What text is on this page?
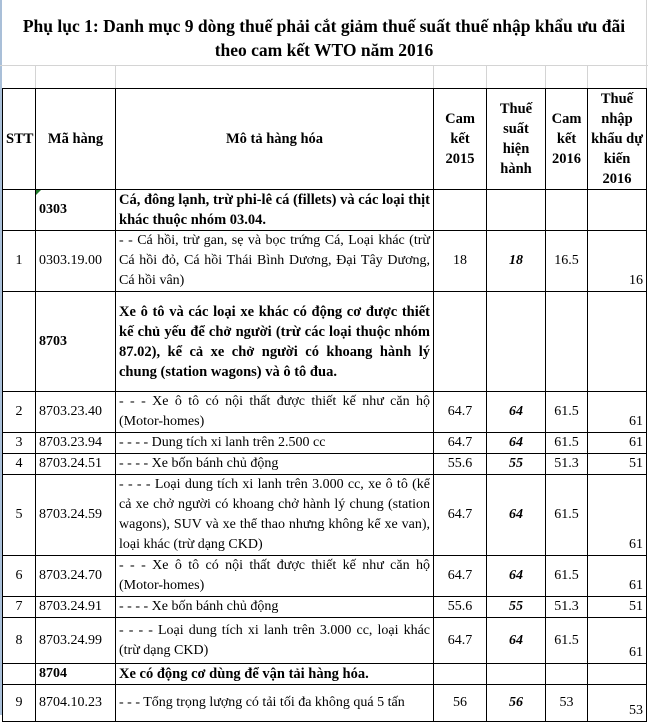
Phụ lục 1: Danh mục 9 dòng thuế phải cắt giảm thuế suất thuế nhập khẩu ưu đãi
theo cam kết WTO năm 2016
STT	Mã hàng	Mô tả hàng hóa	Cam kết 2015	Thuế suất hiện hành	Cam kết 2016	Thuế nhập khẩu dự kiến 2016
	0303	Cá, đông lạnh, trừ phi-lê cá (fillets) và các loại thịt khác thuộc nhóm 03.04.				
1	0303.19.00	- - Cá hồi, trừ gan, sẹ và bọc trứng Cá, Loại khác (trừ Cá hồi đỏ, Cá hồi Thái Bình Dương, Đại Tây Dương, Cá hồi vân)	18	18	16.5	16
	8703	Xe ô tô và các loại xe khác có động cơ được thiết kế chủ yếu để chở người (trừ các loại thuộc nhóm 87.02), kể cả xe chở người có khoang hành lý chung (station wagons) và ô tô đua.				
2	8703.23.40	- - - Xe ô tô có nội thất được thiết kế như căn hộ (Motor-homes)	64.7	64	61.5	61
3	8703.23.94	- - - - Dung tích xi lanh trên 2.500 cc	64.7	64	61.5	61
4	8703.24.51	- - - - Xe bốn bánh chủ động	55.6	55	51.3	51
5	8703.24.59	- - - - Loại dung tích xi lanh trên 3.000 cc, xe ô tô (kể cả xe chở người có khoang chở hành lý chung (station wagons), SUV và xe thể thao nhưng không kể xe van), loại khác (trừ dạng CKD)	64.7	64	61.5	61
6	8703.24.70	- - - Xe ô tô có nội thất được thiết kế như căn hộ (Motor-homes)	64.7	64	61.5	61
7	8703.24.91	- - - - Xe bốn bánh chủ động	55.6	55	51.3	51
8	8703.24.99	- - - - Loại dung tích xi lanh trên 3.000 cc, loại khác (trừ dạng CKD)	64.7	64	61.5	61
	8704	Xe có động cơ dùng để vận tải hàng hóa.				
9	8704.10.23	- - - Tổng trọng lượng có tải tối đa không quá 5 tấn	56	56	53	53
